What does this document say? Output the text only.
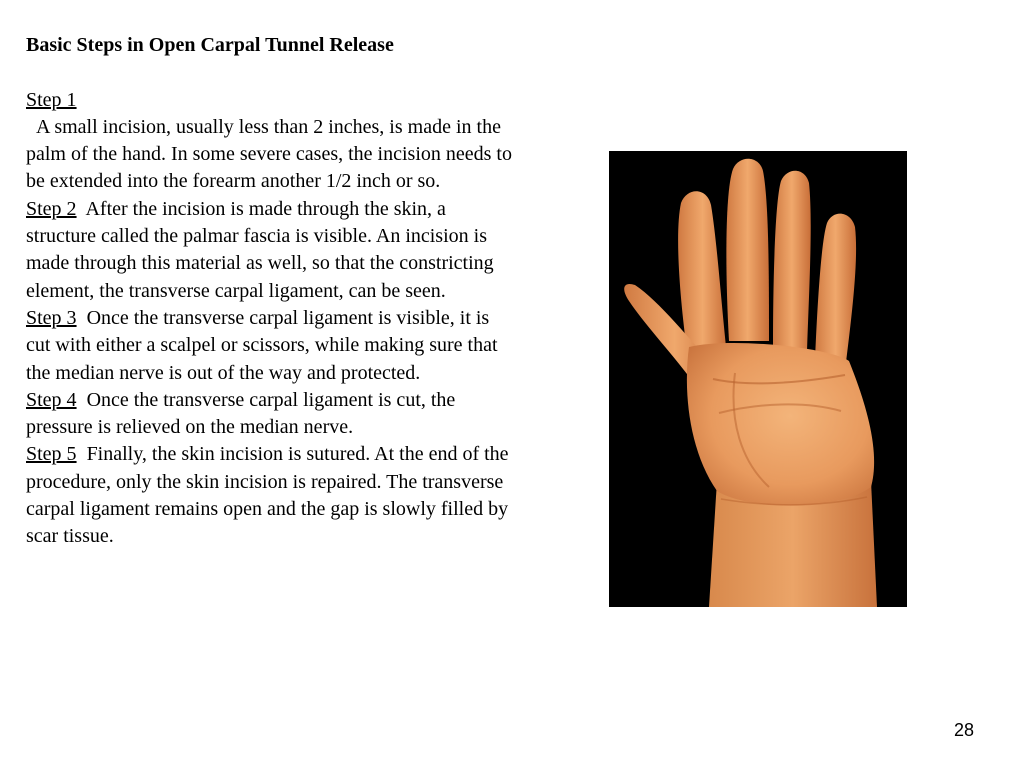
Basic Steps in Open Carpal Tunnel Release
Step 1
A small incision, usually less than 2 inches, is made in the palm of the hand. In some severe cases, the incision needs to be extended into the forearm another 1/2 inch or so.
Step 2  After the incision is made through the skin, a structure called the palmar fascia is visible. An incision is made through this material as well, so that the constricting element, the transverse carpal ligament, can be seen.
Step 3  Once the transverse carpal ligament is visible, it is cut with either a scalpel or scissors, while making sure that the median nerve is out of the way and protected.
Step 4  Once the transverse carpal ligament is cut, the pressure is relieved on the median nerve.
Step 5  Finally, the skin incision is sutured. At the end of the procedure, only the skin incision is repaired. The transverse carpal ligament remains open and the gap is slowly filled by scar tissue.
28
